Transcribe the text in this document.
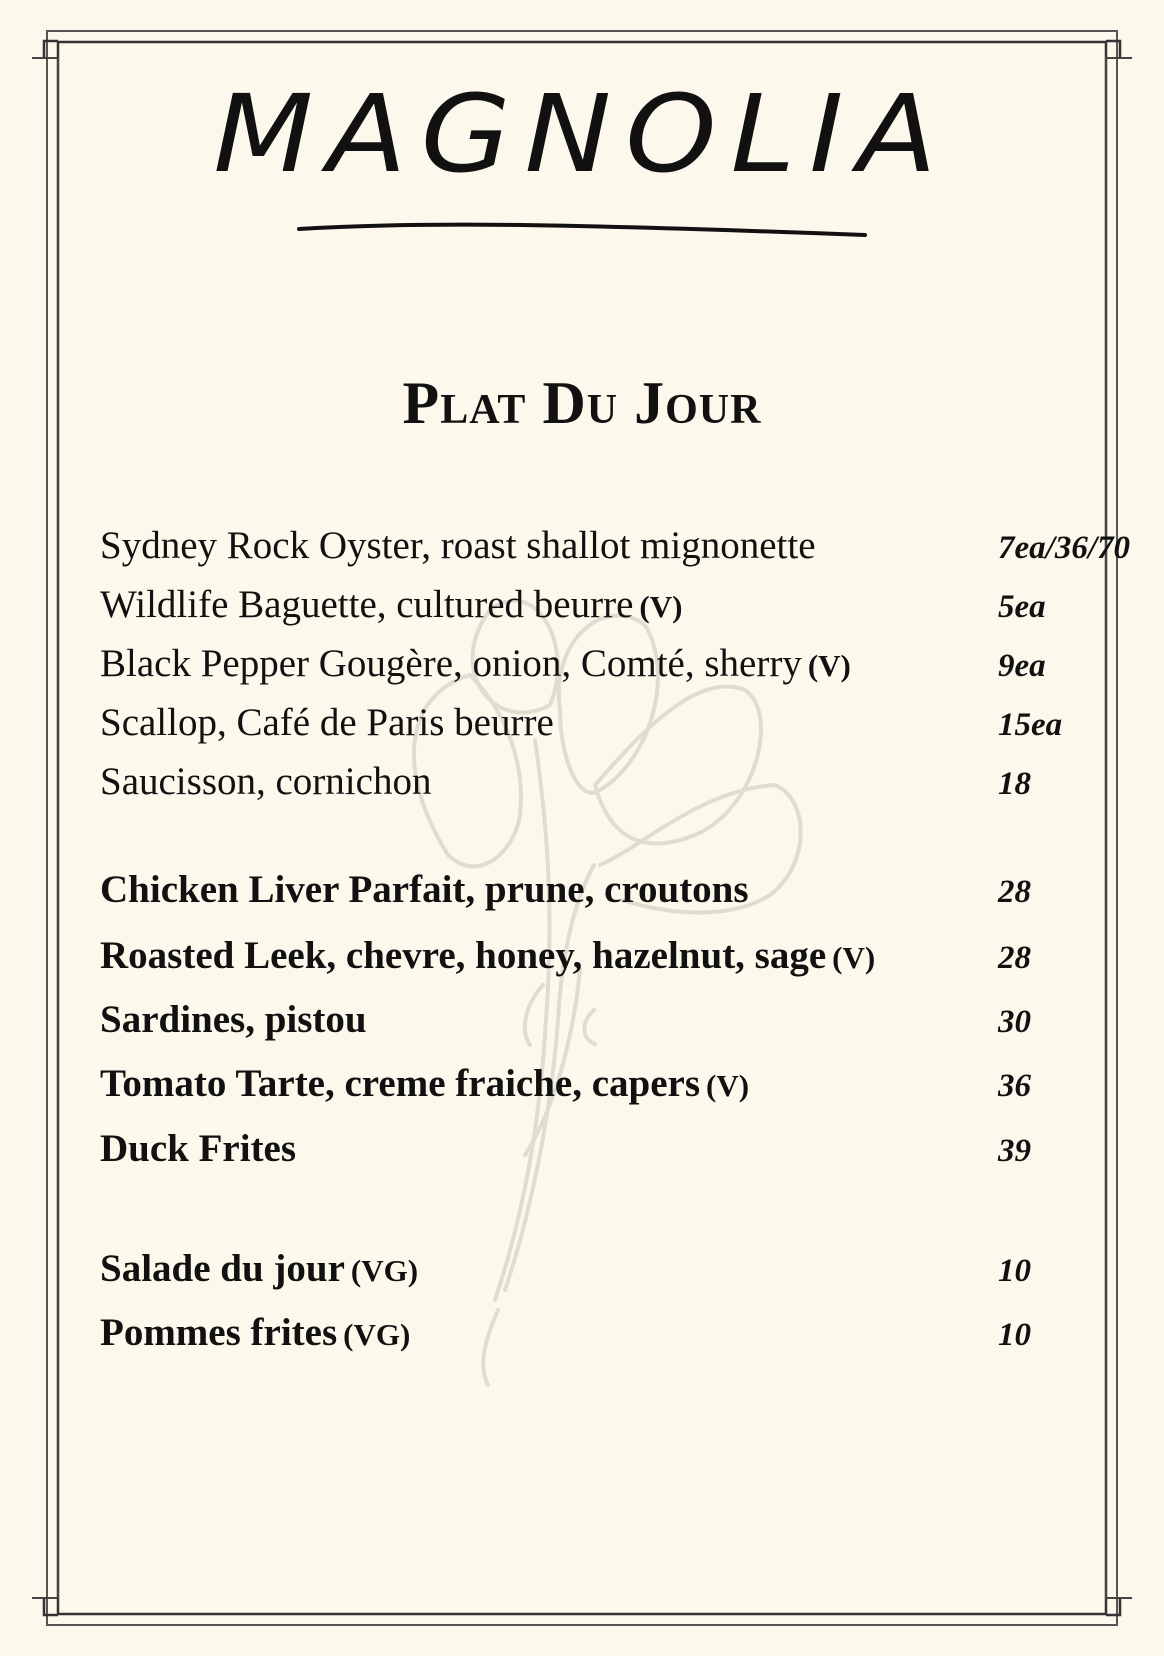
MAGNOLIA
Plat Du Jour
Sydney Rock Oyster, roast shallot mignonette	7ea/36/70
Wildlife Baguette, cultured beurre (V)	5ea
Black Pepper Gougère, onion, Comté, sherry (V)	9ea
Scallop, Café de Paris beurre	15ea
Saucisson, cornichon	18
Chicken Liver Parfait, prune, croutons	28
Roasted Leek, chevre, honey, hazelnut, sage (V)	28
Sardines, pistou	30
Tomato Tarte, creme fraiche, capers (V)	36
Duck Frites	39
Salade du jour (VG)	10
Pommes frites (VG)	10
